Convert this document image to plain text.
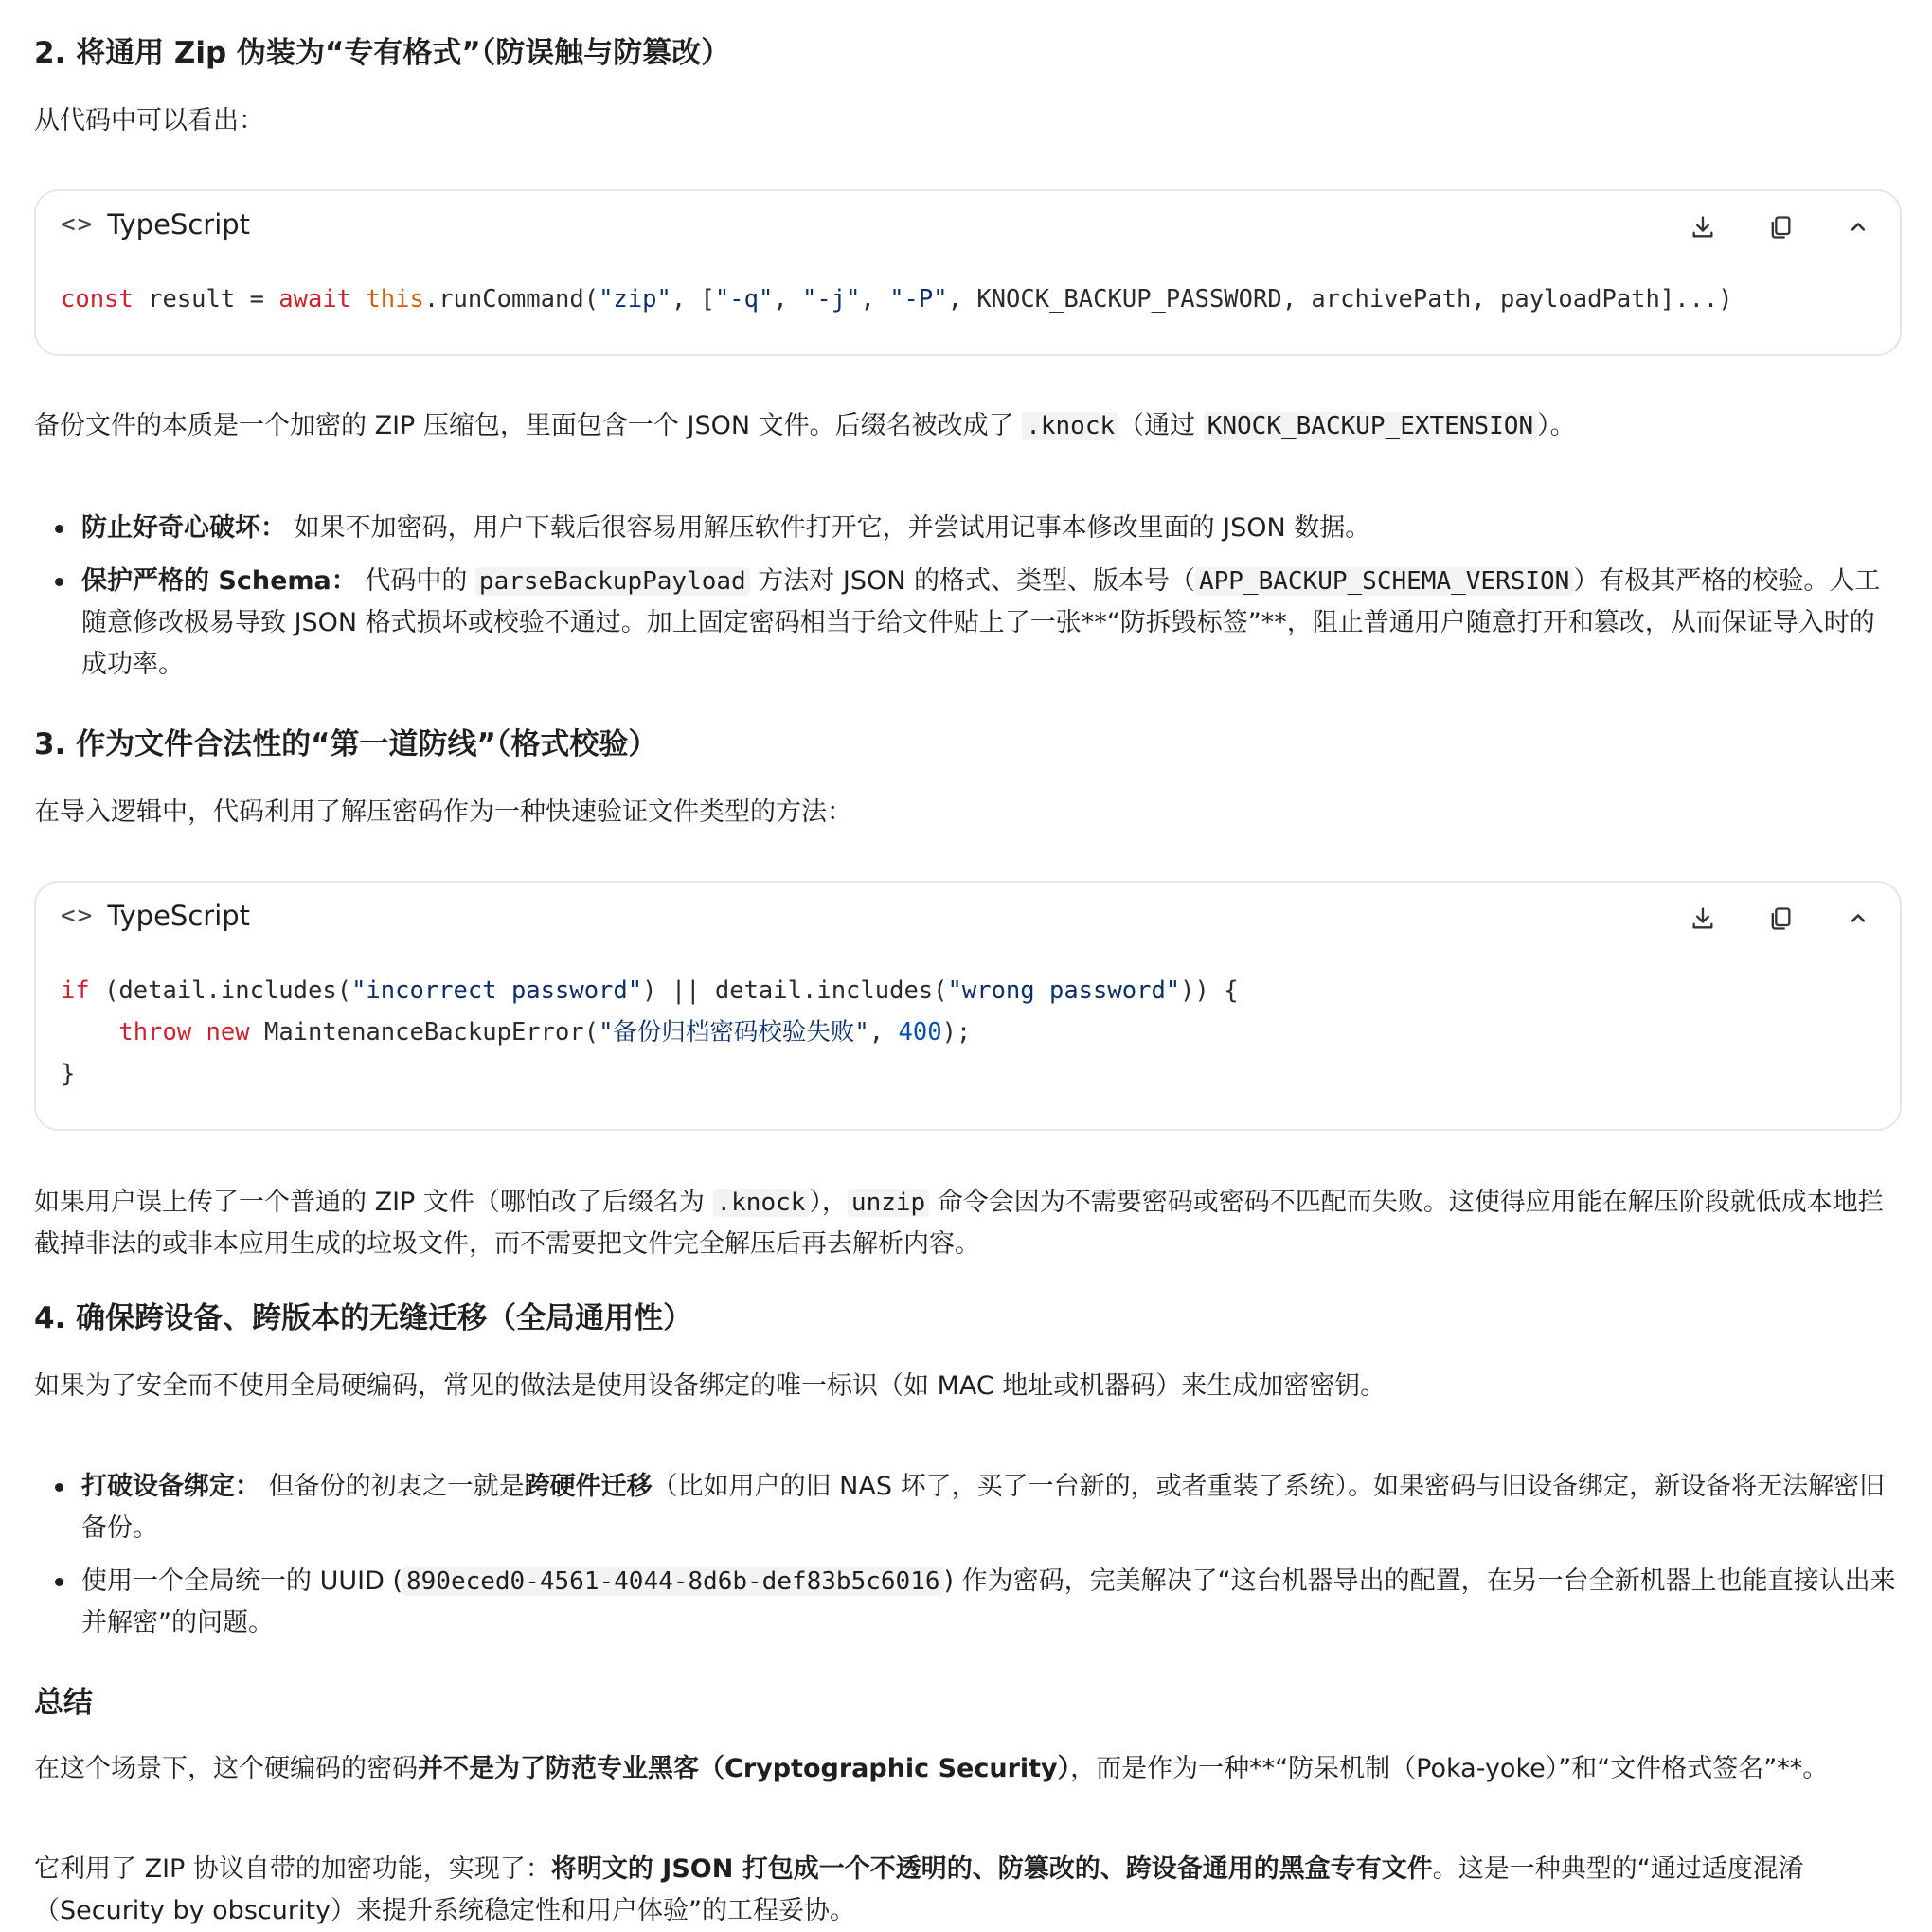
2. 将通用 Zip 伪装为“专有格式”（防误触与防篡改）

从代码中可以看出：

<> TypeScript
const result = await this.runCommand("zip", ["-q", "-j", "-P", KNOCK_BACKUP_PASSWORD, archivePath, payloadPath]...)

备份文件的本质是一个加密的 ZIP 压缩包，里面包含一个 JSON 文件。后缀名被改成了 .knock （通过 KNOCK_BACKUP_EXTENSION ）。

防止好奇心破坏： 如果不加密码，用户下载后很容易用解压软件打开它，并尝试用记事本修改里面的 JSON 数据。
保护严格的 Schema： 代码中的 parseBackupPayload 方法对 JSON 的格式、类型、版本号（ APP_BACKUP_SCHEMA_VERSION ）有极其严格的校验。人工随意修改极易导致 JSON 格式损坏或校验不通过。加上固定密码相当于给文件贴上了一张**“防拆毁标签”**，阻止普通用户随意打开和篡改，从而保证导入时的成功率。
3. 作为文件合法性的“第一道防线”（格式校验）

在导入逻辑中，代码利用了解压密码作为一种快速验证文件类型的方法：

<> TypeScript
if (detail.includes("incorrect password") || detail.includes("wrong password")) {
throw new MaintenanceBackupError("备份归档密码校验失败", 400);
}

如果用户误上传了一个普通的 ZIP 文件（哪怕改了后缀名为 .knock ）， unzip 命令会因为不需要密码或密码不匹配而失败。这使得应用能在解压阶段就低成本地拦截掉非法的或非本应用生成的垃圾文件，而不需要把文件完全解压后再去解析内容。

4. 确保跨设备、跨版本的无缝迁移（全局通用性）

如果为了安全而不使用全局硬编码，常见的做法是使用设备绑定的唯一标识（如 MAC 地址或机器码）来生成加密密钥。

打破设备绑定： 但备份的初衷之一就是跨硬件迁移（比如用户的旧 NAS 坏了，买了一台新的，或者重装了系统）。如果密码与旧设备绑定，新设备将无法解密旧备份。
使用一个全局统一的 UUID ( 890eced0-4561-4044-8d6b-def83b5c6016 ) 作为密码，完美解决了“这台机器导出的配置，在另一台全新机器上也能直接认出来并解密”的问题。
总结

在这个场景下，这个硬编码的密码并不是为了防范专业黑客（Cryptographic Security），而是作为一种**“防呆机制（Poka-yoke）”和“文件格式签名”**。

它利用了 ZIP 协议自带的加密功能，实现了：将明文的 JSON 打包成一个不透明的、防篡改的、跨设备通用的黑盒专有文件。这是一种典型的“通过适度混淆（Security by obscurity）来提升系统稳定性和用户体验”的工程妥协。
